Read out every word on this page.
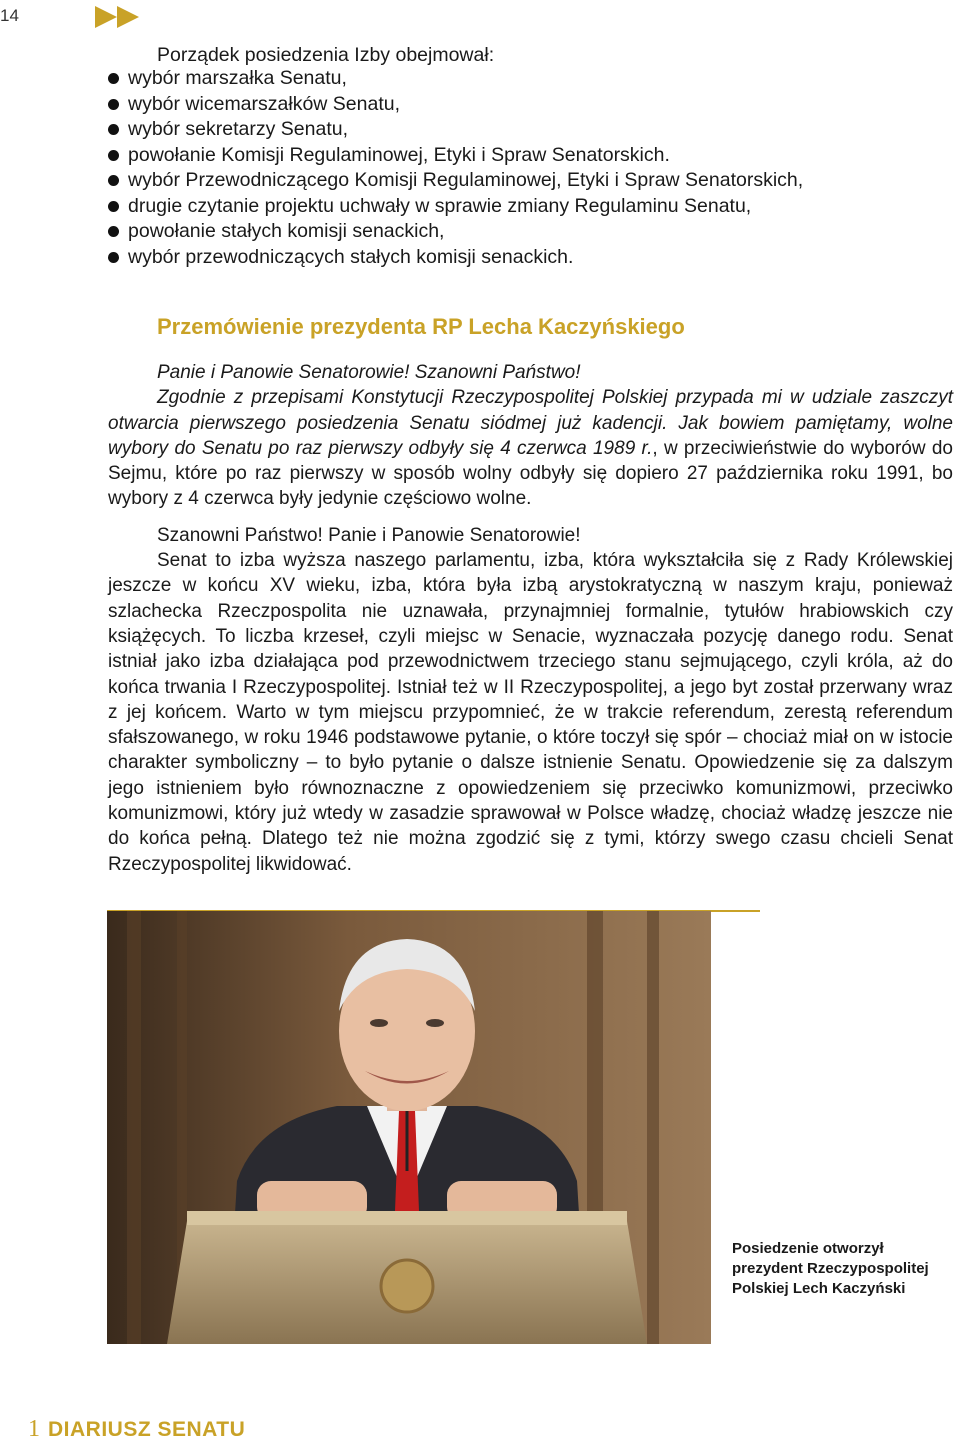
14

Porządek posiedzenia Izby obejmował:

wybór marszałka Senatu,
wybór wicemarszałków Senatu,
wybór sekretarzy Senatu,
powołanie Komisji Regulaminowej, Etyki i Spraw Senatorskich.
wybór Przewodniczącego Komisji Regulaminowej, Etyki i Spraw Senatorskich,
drugie czytanie projektu uchwały w sprawie zmiany Regulaminu Senatu,
powołanie stałych komisji senackich,
wybór przewodniczących stałych komisji senackich.
Przemówienie prezydenta RP Lecha Kaczyńskiego

Panie i Panowie Senatorowie! Szanowni Państwo!

Zgodnie z przepisami Konstytucji Rzeczypospolitej Polskiej przypada mi w udziale zaszczyt otwarcia pierwszego posiedzenia Senatu siódmej już kadencji. Jak bowiem pamiętamy, wolne wybory do Senatu po raz pierwszy odbyły się 4 czerwca 1989 r., w przeciwieństwie do wyborów do Sejmu, które po raz pierwszy w sposób wolny odbyły się dopiero 27 października roku 1991, bo wybory z 4 czerwca były jedynie częściowo wolne.

Szanowni Państwo! Panie i Panowie Senatorowie!

Senat to izba wyższa naszego parlamentu, izba, która wykształciła się z Rady Królewskiej jeszcze w końcu XV wieku, izba, która była izbą arystokratyczną w naszym kraju, ponieważ szlachecka Rzeczpospolita nie uznawała, przynajmniej formalnie, tytułów hrabiowskich czy książęcych. To liczba krzeseł, czyli miejsc w Senacie, wyznaczała pozycję danego rodu. Senat istniał jako izba działająca pod przewodnictwem trzeciego stanu sejmującego, czyli króla, aż do końca trwania I Rzeczypospolitej. Istniał też w II Rzeczypospolitej, a jego byt został przerwany wraz z jej końcem. Warto w tym miejscu przypomnieć, że w trakcie referendum, zerestą referendum sfałszowanego, w roku 1946 podstawowe pytanie, o które toczył się spór – chociaż miał on w istocie charakter symboliczny – to było pytanie o dalsze istnienie Senatu. Opowiedzenie się za dalszym jego istnieniem było równoznaczne z opowiedzeniem się przeciwko komunizmowi, przeciwko komunizmowi, który już wtedy w zasadzie sprawował w Polsce władzę, chociaż władzę jeszcze nie do końca pełną. Dlatego też nie można zgodzić się z tymi, którzy swego czasu chcieli Senat Rzeczypospolitej likwidować.

Posiedzenie otworzył prezydent Rzeczypospolitej Polskiej Lech Kaczyński

1 DIARIUSZ SENATU
